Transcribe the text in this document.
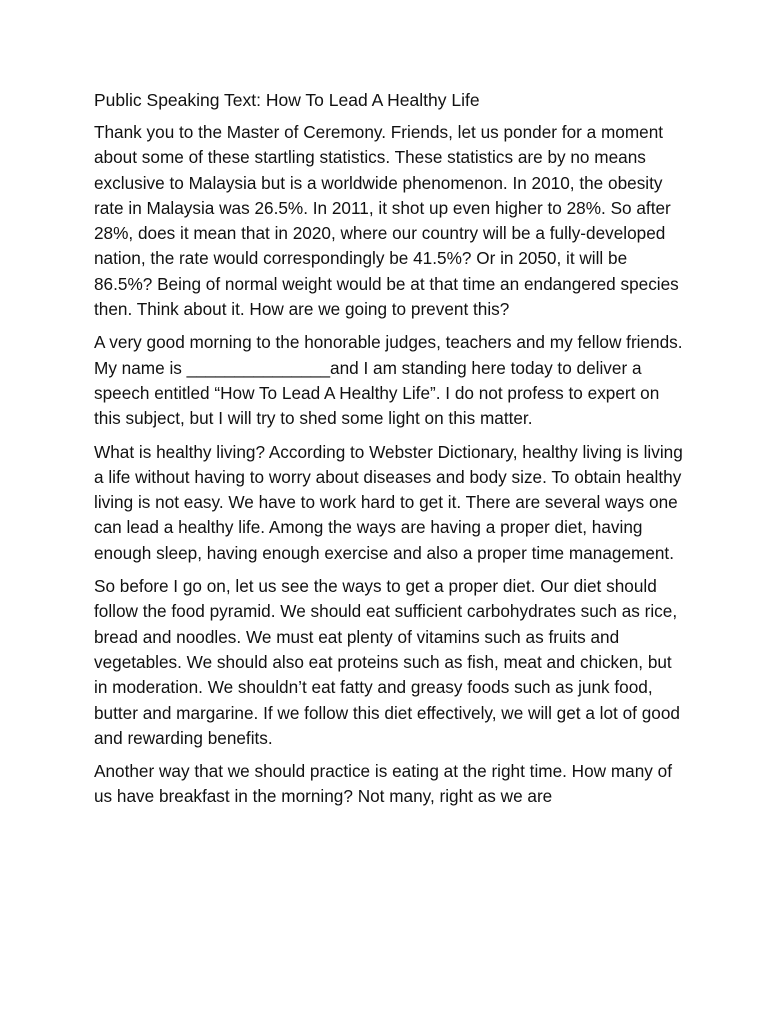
Public Speaking Text: How To Lead A Healthy Life

Thank you to the Master of Ceremony. Friends, let us ponder for a moment about some of these startling statistics. These statistics are by no means exclusive to Malaysia but is a worldwide phenomenon. In 2010, the obesity rate in Malaysia was 26.5%. In 2011, it shot up even higher to 28%. So after 28%, does it mean that in 2020, where our country will be a fully-developed nation, the rate would correspondingly be 41.5%? Or in 2050, it will be 86.5%? Being of normal weight would be at that time an endangered species then. Think about it. How are we going to prevent this?

A very good morning to the honorable judges, teachers and my fellow friends. My name is _______________and I am standing here today to deliver a speech entitled “How To Lead A Healthy Life”. I do not profess to expert on this subject, but I will try to shed some light on this matter.

What is healthy living? According to Webster Dictionary, healthy living is living a life without having to worry about diseases and body size. To obtain healthy living is not easy. We have to work hard to get it. There are several ways one can lead a healthy life. Among the ways are having a proper diet, having enough sleep, having enough exercise and also a proper time management.

So before I go on, let us see the ways to get a proper diet. Our diet should follow the food pyramid. We should eat sufficient carbohydrates such as rice, bread and noodles. We must eat plenty of vitamins such as fruits and vegetables. We should also eat proteins such as fish, meat and chicken, but in moderation. We shouldn’t eat fatty and greasy foods such as junk food, butter and margarine. If we follow this diet effectively, we will get a lot of good and rewarding benefits.

Another way that we should practice is eating at the right time. How many of us have breakfast in the morning? Not many, right as we are
